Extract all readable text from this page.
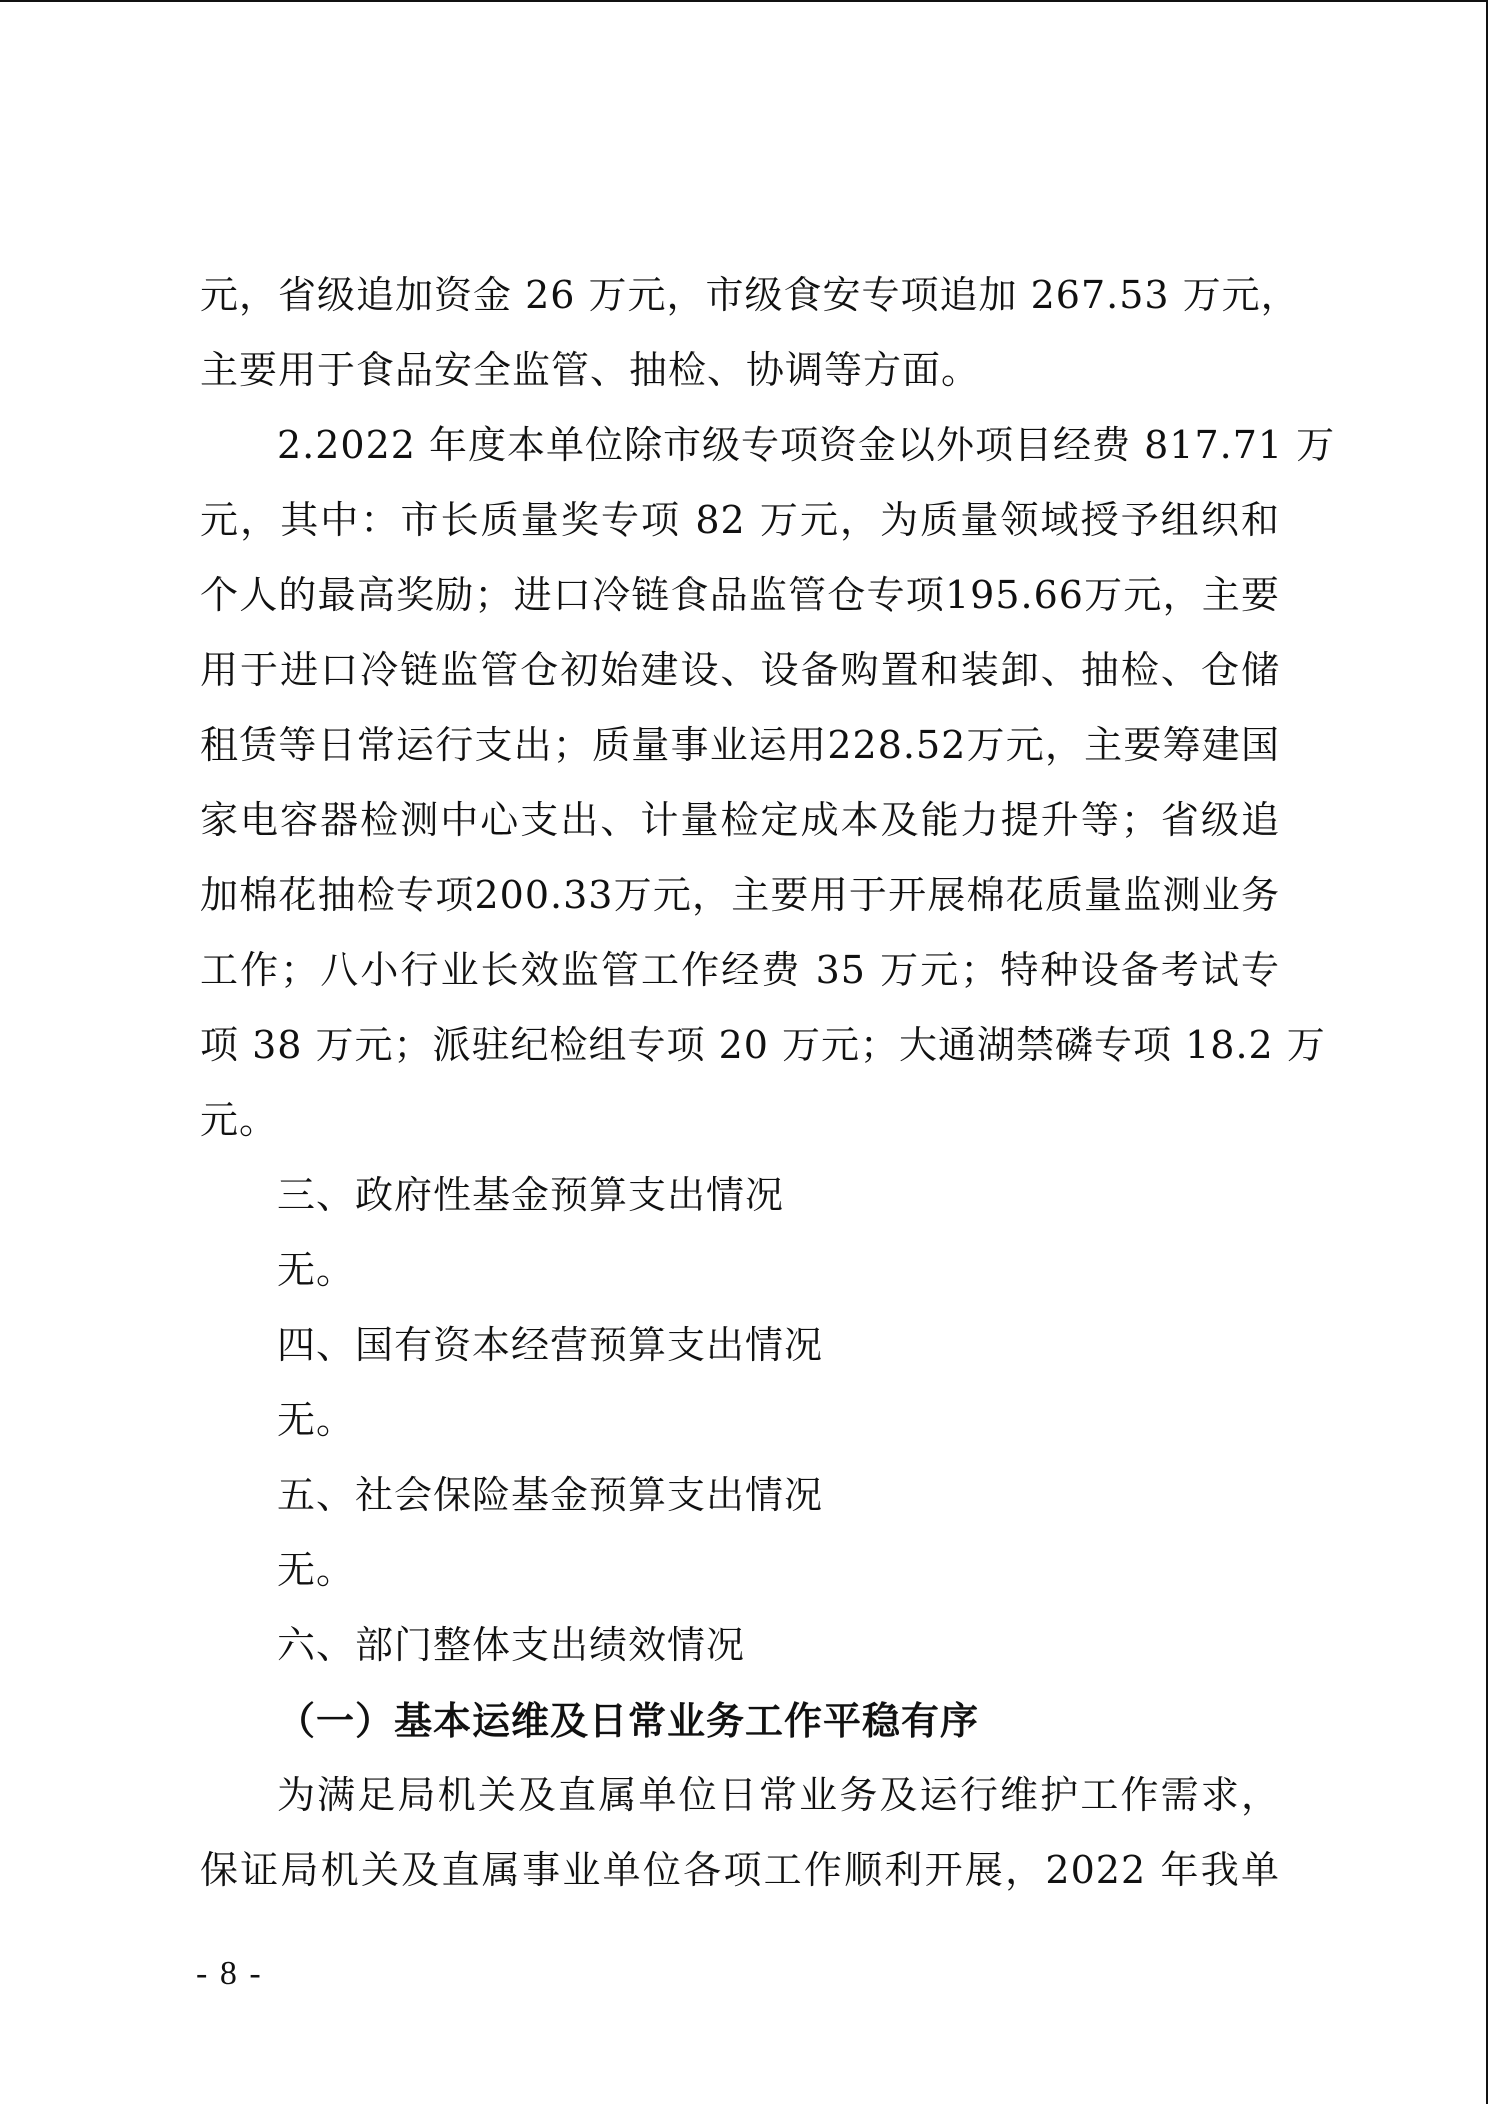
元，省级追加资金 26 万元，市级食安专项追加 267.53 万元，

主要用于食品安全监管、抽检、协调等方面。

2.2022 年度本单位除市级专项资金以外项目经费 817.71 万

元，其中：市长质量奖专项 82 万元，为质量领域授予组织和

个人的最高奖励；进口冷链食品监管仓专项195.66万元，主要

用于进口冷链监管仓初始建设、设备购置和装卸、抽检、仓储

租赁等日常运行支出；质量事业运用228.52万元，主要筹建国

家电容器检测中心支出、计量检定成本及能力提升等；省级追

加棉花抽检专项200.33万元，主要用于开展棉花质量监测业务

工作；八小行业长效监管工作经费 35 万元；特种设备考试专

项 38 万元；派驻纪检组专项 20 万元；大通湖禁磷专项 18.2 万

元。

三、政府性基金预算支出情况

无。

四、国有资本经营预算支出情况

无。

五、社会保险基金预算支出情况

无。

六、部门整体支出绩效情况

（一）基本运维及日常业务工作平稳有序

为满足局机关及直属单位日常业务及运行维护工作需求，

保证局机关及直属事业单位各项工作顺利开展，2022 年我单

- 8 -
